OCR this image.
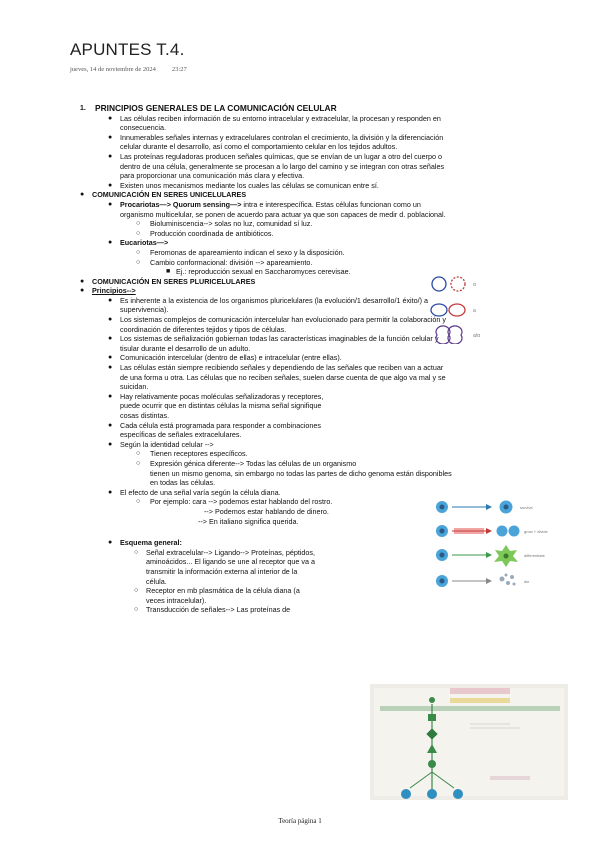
APUNTES T.4.
jueves, 14 de noviembre de 2024 23:27
1. PRINCIPIOS GENERALES DE LA COMUNICACIÓN CELULAR
● Las células reciben información de su entorno intracelular y extracelular, la procesan y responden en
consecuencia.
● Innumerables señales internas y extracelulares controlan el crecimiento, la división y la diferenciación
celular durante el desarrollo, así como el comportamiento celular en los tejidos adultos.
● Las proteínas reguladoras producen señales químicas, que se envían de un lugar a otro del cuerpo o
dentro de una célula, generalmente se procesan a lo largo del camino y se integran con otras señales
para proporcionar una comunicación más clara y efectiva.
● Existen unos mecanismos mediante los cuales las células se comunican entre sí.
● COMUNICACIÓN EN SERES UNICELULARES
● Procariotas—> Quorum sensing—> intra e interespecífica. Estas células funcionan como un
organismo multicelular, se ponen de acuerdo para actuar ya que son capaces de medir d. poblacional.
○ Bioluminiscencia--> solas no luz, comunidad sí luz.
○ Producción coordinada de antibióticos.
● Eucariotas—>
○ Feromonas de apareamiento indican el sexo y la disposición.
○ Cambio conformacional: división --> apareamiento.
■ Ej.: reproducción sexual en Saccharomyces cerevisae.
● COMUNICACIÓN EN SERES PLURICELULARES
● Principios-->
● Es inherente a la existencia de los organismos pluricelulares (la evolución/1 desarrollo/1 éxito/) a
supervivencia).
● Los sistemas complejos de comunicación intercelular han evolucionado para permitir la colaboración y
coordinación de diferentes tejidos y tipos de células.
● Los sistemas de señalización gobiernan todas las características imaginables de la función celular y
tisular durante el desarrollo de un adulto.
● Comunicación intercelular (dentro de ellas) e intracelular (entre ellas).
● Las células están siempre recibiendo señales y dependiendo de las señales que reciben van a actuar
de una forma u otra. Las células que no reciben señales, suelen darse cuenta de que algo va mal y se
suicidan.
● Hay relativamente pocas moléculas señalizadoras y receptores,
puede ocurrir que en distintas células la misma señal signifique
cosas distintas.
● Cada célula está programada para responder a combinaciones
específicas de señales extracelulares.
● Según la identidad celular -->
○ Tienen receptores específicos.
○ Expresión génica diferente--> Todas las células de un organismo
tienen un mismo genoma, sin embargo no todas las partes de dicho genoma están disponibles
en todas las células.
● El efecto de una señal varía según la célula diana.
○ Por ejemplo: cara --> podemos estar hablando del rostro.
--> Podemos estar hablando de dinero.
--> En italiano significa querida.
● Esquema general:
○ Señal extracelular--> Ligando--> Proteínas, péptidos,
aminoácidos... El ligando se une al receptor que va a
transmitir la información externa al interior de la
célula.
○ Receptor en mb plasmática de la célula diana (a
veces intracelular).
○ Transducción de señales--> Las proteínas de
α
a
a/α
survive
grow + divide
differentiate
die
Teoría página 1
